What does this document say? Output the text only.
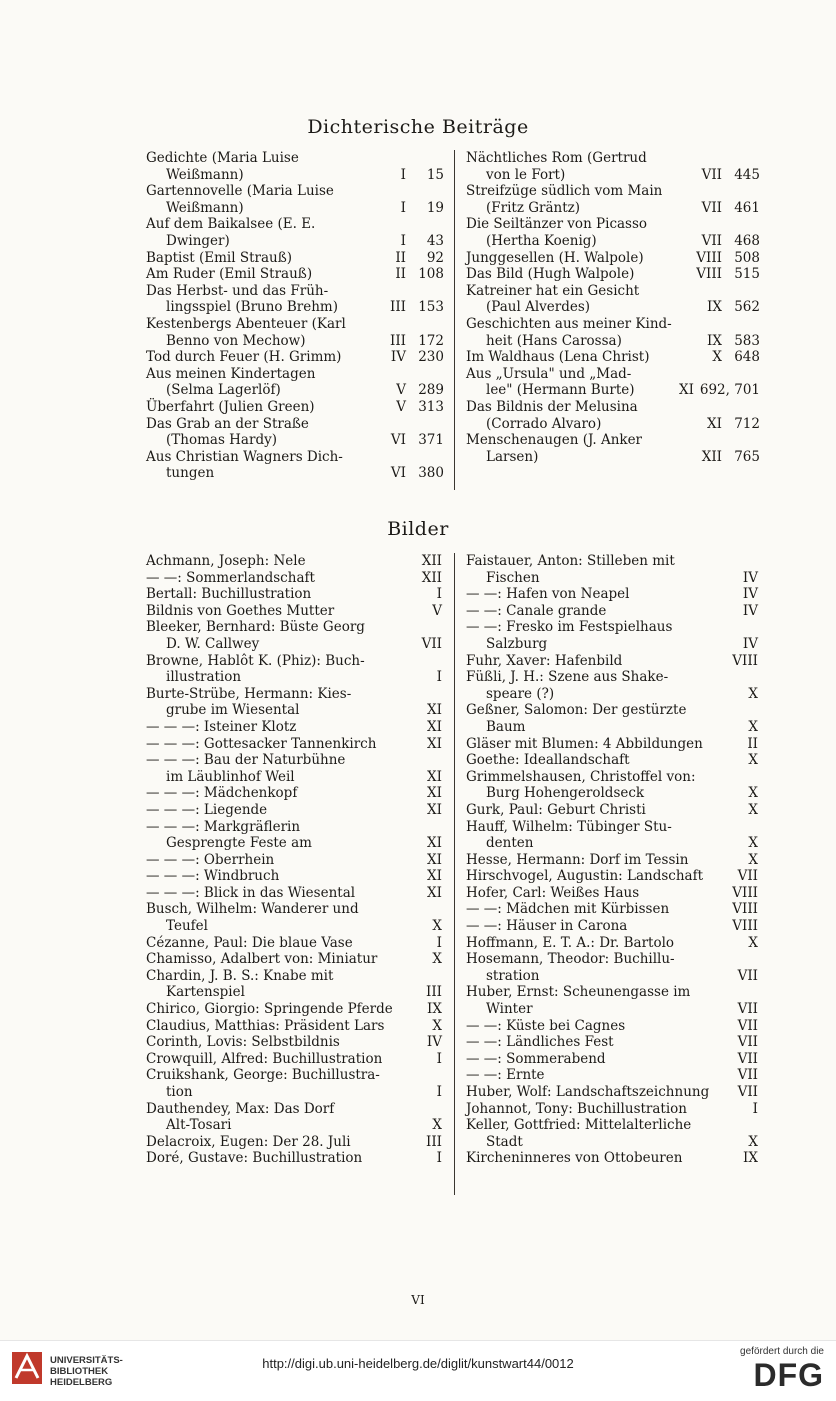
Dichterische Beiträge
Gedichte (Maria Luise
Weißmann)	I	15
Gartennovelle (Maria Luise
Weißmann)	I	19
Auf dem Baikalsee (E. E.
Dwinger)	I	43
Baptist (Emil Strauß)	II	92
Am Ruder (Emil Strauß)	II 108
Das Herbst- und das Früh-
lingsspiel (Bruno Brehm)	III 153
Kestenbergs Abenteuer (Karl
Benno von Mechow)	III 172
Tod durch Feuer (H. Grimm)	IV 230
Aus meinen Kindertagen
(Selma Lagerlöf)	V 289
Überfahrt (Julien Green)	V 313
Das Grab an der Straße
(Thomas Hardy)	VI 371
Aus Christian Wagners Dich-
tungen	VI 380
Nächtliches Rom (Gertrud
von le Fort)	VII 445
Streifzüge südlich vom Main
(Fritz Gräntz)	VII 461
Die Seiltänzer von Picasso
(Hertha Koenig)	VII 468
Junggesellen (H. Walpole)	VIII 508
Das Bild (Hugh Walpole)	VIII 515
Katreiner hat ein Gesicht
(Paul Alverdes)	IX 562
Geschichten aus meiner Kind-
heit (Hans Carossa)	IX 583
Im Waldhaus (Lena Christ)	X 648
Aus „Ursula" und „Mad-
lee" (Hermann Burte)	XI 692, 701
Das Bildnis der Melusina
(Corrado Alvaro)	XI 712
Menschenaugen (J. Anker
Larsen)	XII 765
Bilder
Achmann, Joseph: Nele	XII
— —: Sommerlandschaft	XII
Bertall: Buchillustration	I
Bildnis von Goethes Mutter	V
Bleeker, Bernhard: Büste Georg
D. W. Callwey	VII
Browne, Hablôt K. (Phiz): Buch-
illustration	I
Burte-Strübe, Hermann: Kies-
grube im Wiesental	XI
— — —: Isteiner Klotz	XI
— — —: Gottesacker Tannenkirch	XI
— — —: Bau der Naturbühne
im Läublinhof Weil	XI
— — —: Mädchenkopf	XI
— — —: Liegende	XI
— — —: Markgräflerin
Gesprengte Feste am	XI
— — —: Oberrhein	XI
— — —: Windbruch	XI
— — —: Blick in das Wiesental	XI
Busch, Wilhelm: Wanderer und
Teufel	X
Cézanne, Paul: Die blaue Vase	I
Chamisso, Adalbert von: Miniatur	X
Chardin, J. B. S.: Knabe mit
Kartenspiel	III
Chirico, Giorgio: Springende Pferde	IX
Claudius, Matthias: Präsident Lars	X
Corinth, Lovis: Selbstbildnis	IV
Crowquill, Alfred: Buchillustration	I
Cruikshank, George: Buchillustra-
tion	I
Dauthendey, Max: Das Dorf
Alt-Tosari	X
Delacroix, Eugen: Der 28. Juli	III
Doré, Gustave: Buchillustration	I
Faistauer, Anton: Stilleben mit
Fischen	IV
— —: Hafen von Neapel	IV
— —: Canale grande	IV
— —: Fresko im Festspielhaus
Salzburg	IV
Fuhr, Xaver: Hafenbild	VIII
Füßli, J. H.: Szene aus Shake-
speare (?)	X
Geßner, Salomon: Der gestürzte
Baum	X
Gläser mit Blumen: 4 Abbildungen	II
Goethe: Ideallandschaft	X
Grimmelshausen, Christoffel von:
Burg Hohengeroldseck	X
Gurk, Paul: Geburt Christi	X
Hauff, Wilhelm: Tübinger Stu-
denten	X
Hesse, Hermann: Dorf im Tessin	X
Hirschvogel, Augustin: Landschaft	VII
Hofer, Carl: Weißes Haus	VIII
— —: Mädchen mit Kürbissen	VIII
— —: Häuser in Carona	VIII
Hoffmann, E. T. A.: Dr. Bartolo	X
Hosemann, Theodor: Buchillu-
stration	VII
Huber, Ernst: Scheunengasse im
Winter	VII
— —: Küste bei Cagnes	VII
— —: Ländliches Fest	VII
— —: Sommerabend	VII
— —: Ernte	VII
Huber, Wolf: Landschaftszeichnung	VII
Johannot, Tony: Buchillustration	I
Keller, Gottfried: Mittelalterliche
Stadt	X
Kircheninneres von Ottobeuren	IX
VI
UNIVERSITÄTS-
BIBLIOTHEK
HEIDELBERG
http://digi.ub.uni-heidelberg.de/diglit/kunstwart44/0012
gefördert durch die
DFG
